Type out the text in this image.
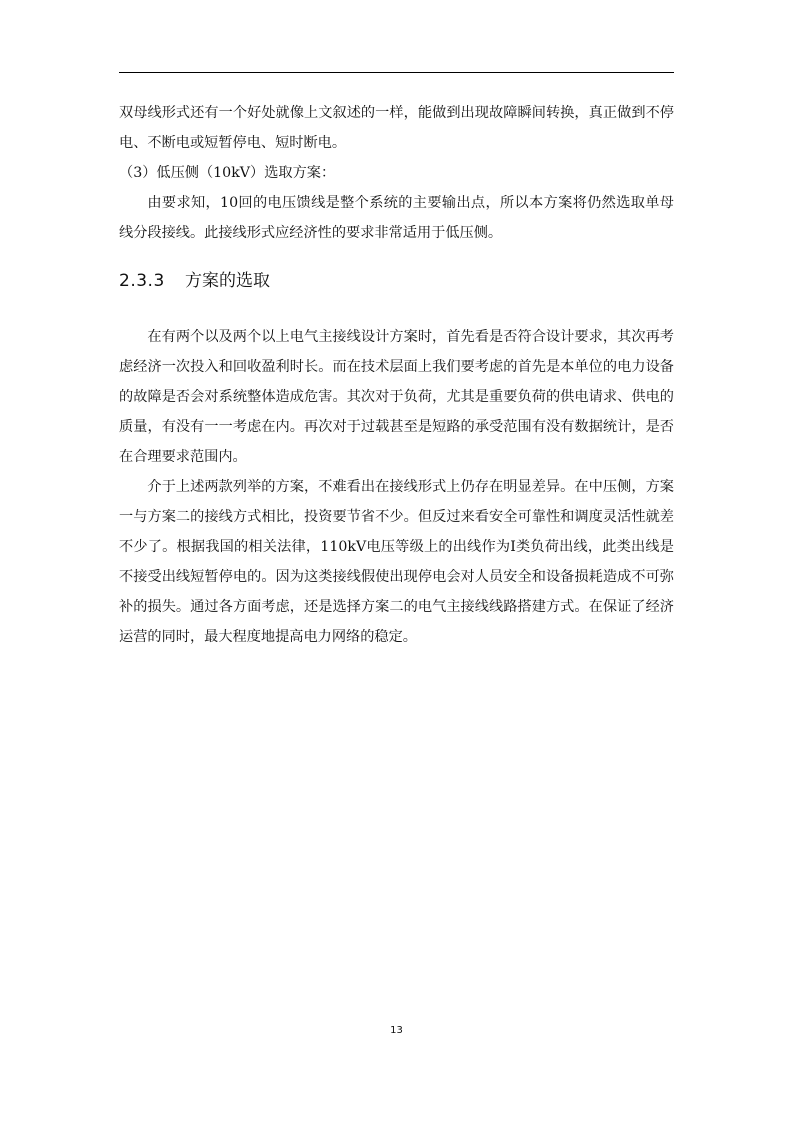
双母线形式还有一个好处就像上文叙述的一样，能做到出现故障瞬间转换，真正做到不停电、不断电或短暂停电、短时断电。

（3）低压侧（10kV）选取方案：

由要求知，10回的电压馈线是整个系统的主要输出点，所以本方案将仍然选取单母线分段接线。此接线形式应经济性的要求非常适用于低压侧。

2.3.3	方案的选取

在有两个以及两个以上电气主接线设计方案时，首先看是否符合设计要求，其次再考虑经济一次投入和回收盈利时长。而在技术层面上我们要考虑的首先是本单位的电力设备的故障是否会对系统整体造成危害。其次对于负荷，尤其是重要负荷的供电请求、供电的质量，有没有一一考虑在内。再次对于过载甚至是短路的承受范围有没有数据统计，是否在合理要求范围内。

介于上述两款列举的方案，不难看出在接线形式上仍存在明显差异。在中压侧，方案一与方案二的接线方式相比，投资要节省不少。但反过来看安全可靠性和调度灵活性就差不少了。根据我国的相关法律，110kV电压等级上的出线作为Ⅰ类负荷出线，此类出线是不接受出线短暂停电的。因为这类接线假使出现停电会对人员安全和设备损耗造成不可弥补的损失。通过各方面考虑，还是选择方案二的电气主接线线路搭建方式。在保证了经济运营的同时，最大程度地提高电力网络的稳定。

13
